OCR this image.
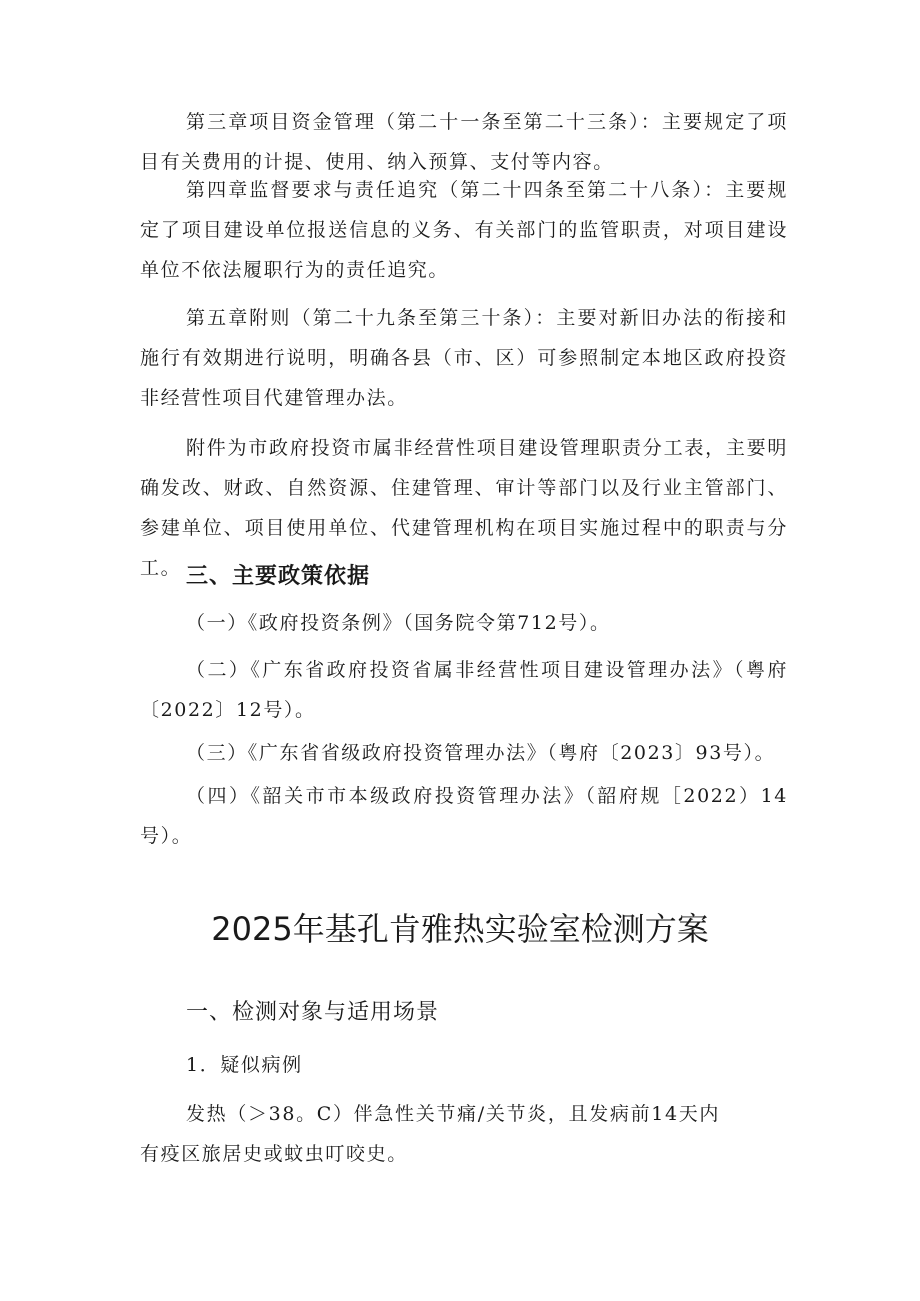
第三章项目资金管理（第二十一条至第二十三条）：主要规定了项目有关费用的计提、使用、纳入预算、支付等内容。

第四章监督要求与责任追究（第二十四条至第二十八条）：主要规定了项目建设单位报送信息的义务、有关部门的监管职责，对项目建设单位不依法履职行为的责任追究。

第五章附则（第二十九条至第三十条）：主要对新旧办法的衔接和施行有效期进行说明，明确各县（市、区）可参照制定本地区政府投资非经营性项目代建管理办法。

附件为市政府投资市属非经营性项目建设管理职责分工表，主要明确发改、财政、自然资源、住建管理、审计等部门以及行业主管部门、参建单位、项目使用单位、代建管理机构在项目实施过程中的职责与分工。 三、主要政策依据

（一）《政府投资条例》（国务院令第712号）。

（二）《广东省政府投资省属非经营性项目建设管理办法》（粤府〔2022〕12号）。

（三）《广东省省级政府投资管理办法》（粤府〔2023〕93号）。

（四）《韶关市市本级政府投资管理办法》（韶府规［2022）14号）。

2025年基孔肯雅热实验室检测方案
一、检测对象与适用场景

1．疑似病例

发热（＞38。C）伴急性关节痛/关节炎，且发病前14天内有疫区旅居史或蚊虫叮咬史。
